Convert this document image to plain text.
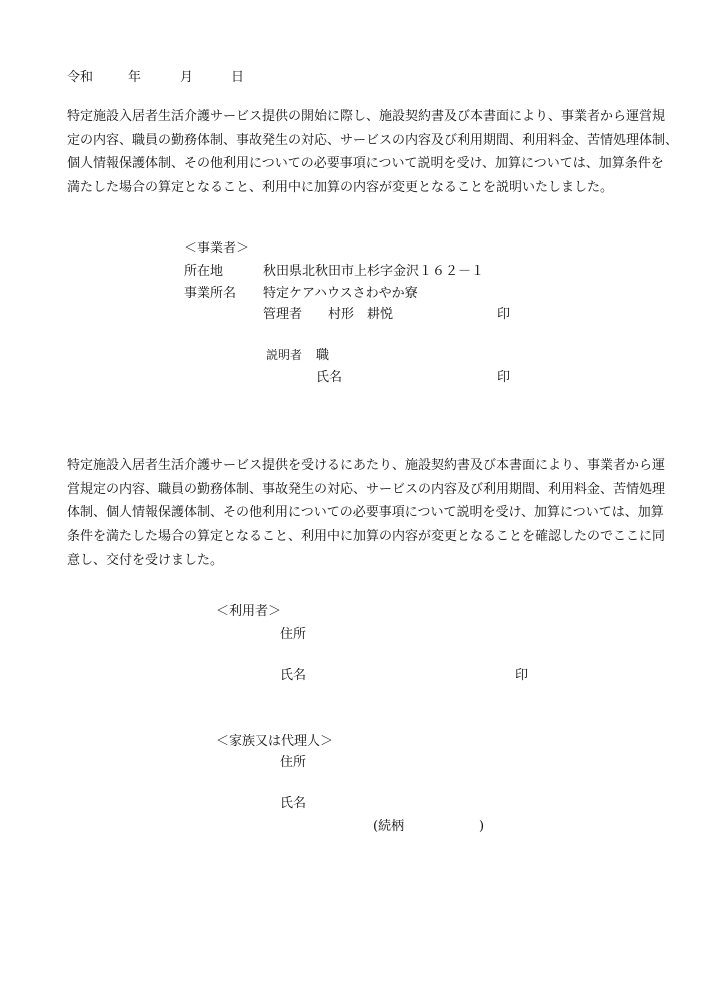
令和	年	月	日
特定施設入居者生活介護サービス提供の開始に際し、施設契約書及び本書面により、事業者から運営規
定の内容、職員の勤務体制、事故発生の対応、サービスの内容及び利用期間、利用料金、苦情処理体制、
個人情報保護体制、その他利用についての必要事項について説明を受け、加算については、加算条件を
満たした場合の算定となること、利用中に加算の内容が変更となることを説明いたしました。
＜事業者＞
所在地	秋田県北秋田市上杉字金沢１６２－１
事業所名 特定ケアハウスさわやか寮
管理者 村形　耕悦	印
説明者 職
氏名	印
特定施設入居者生活介護サービス提供を受けるにあたり、施設契約書及び本書面により、事業者から運
営規定の内容、職員の勤務体制、事故発生の対応、サービスの内容及び利用期間、利用料金、苦情処理
体制、個人情報保護体制、その他利用についての必要事項について説明を受け、加算については、加算
条件を満たした場合の算定となること、利用中に加算の内容が変更となることを確認したのでここに同
意し、交付を受けました。
＜利用者＞
住所
氏名	印
＜家族又は代理人＞
住所
氏名
(続柄	)
